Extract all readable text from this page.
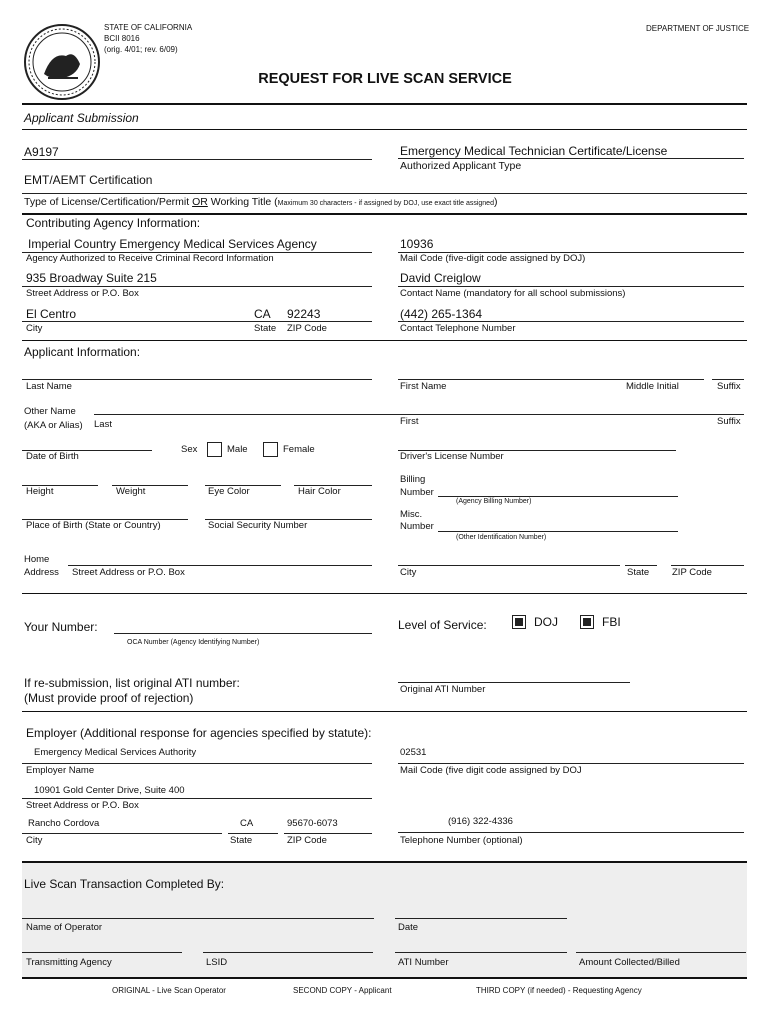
STATE OF CALIFORNIA
BCII 8016
(orig. 4/01; rev. 6/09)
DEPARTMENT OF JUSTICE
REQUEST FOR LIVE SCAN SERVICE
Applicant Submission
A9197	Emergency Medical Technician Certificate/License
Authorized Applicant Type
EMT/AEMT Certification
Type of License/Certification/Permit OR Working Title (Maximum 30 characters - if assigned by DOJ, use exact title assigned)
Contributing Agency Information:
Imperial Country Emergency Medical Services Agency
Agency Authorized to Receive Criminal Record Information
10936
Mail Code (five-digit code assigned by DOJ)
935 Broadway Suite 215
Street Address or P.O. Box
David Creiglow
Contact Name (mandatory for all school submissions)
El Centro	CA 92243
City	State ZIP Code
(442) 265-1364
Contact Telephone Number
Applicant Information:
Last Name	First Name	Middle Initial	Suffix
Other Name
(AKA or Alias) Last	First	Suffix
Date of Birth
Sex	Male	Female
Driver's License Number
Height	Weight	Eye Color	Hair Color
Billing
Number
(Agency Billing Number)
Place of Birth (State or Country)	Social Security Number
Misc.
Number
(Other Identification Number)
Home
Address Street Address or P.O. Box	City	State ZIP Code
Your Number:
OCA Number (Agency Identifying Number)
Level of Service:	DOJ	FBI
If re-submission, list original ATI number:
(Must provide proof of rejection)
Original ATI Number
Employer (Additional response for agencies specified by statute):
Emergency Medical Services Authority
Employer Name
02531
Mail Code (five digit code assigned by DOJ
10901 Gold Center Drive, Suite 400
Street Address or P.O. Box
Rancho Cordova	CA	95670-6073
City	State	ZIP Code
(916) 322-4336
Telephone Number (optional)
Live Scan Transaction Completed By:
Name of Operator	Date
Transmitting Agency	LSID	ATI Number	Amount Collected/Billed
ORIGINAL - Live Scan Operator	SECOND COPY - Applicant	THIRD COPY (if needed) - Requesting Agency
